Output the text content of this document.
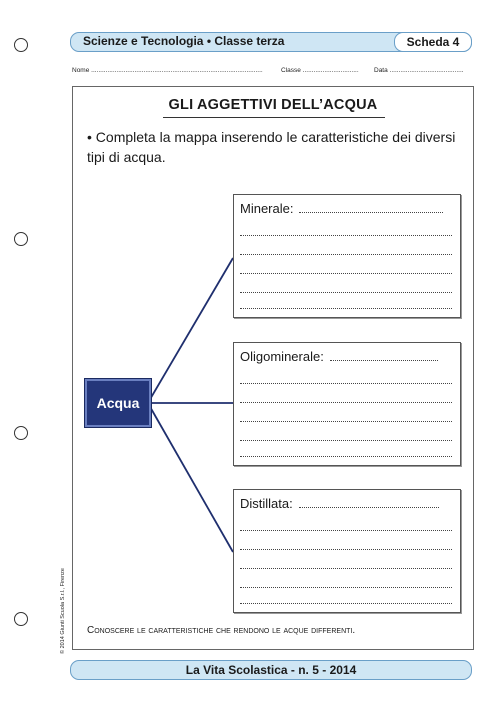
Scienze e Tecnologia • Classe terza	Scheda 4
Nome ...............................................................................................	Classe ............................... Data .........................................
GLI AGGETTIVI DELL’ACQUA
• Completa la mappa inserendo le caratteristiche dei diversi tipi di acqua.
Acqua
Minerale:
Oligominerale:
Distillata:
Conoscere le caratteristiche che rendono le acque differenti.
© 2014 Giunti Scuola S.r.l., Firenze
La Vita Scolastica - n. 5 - 2014
